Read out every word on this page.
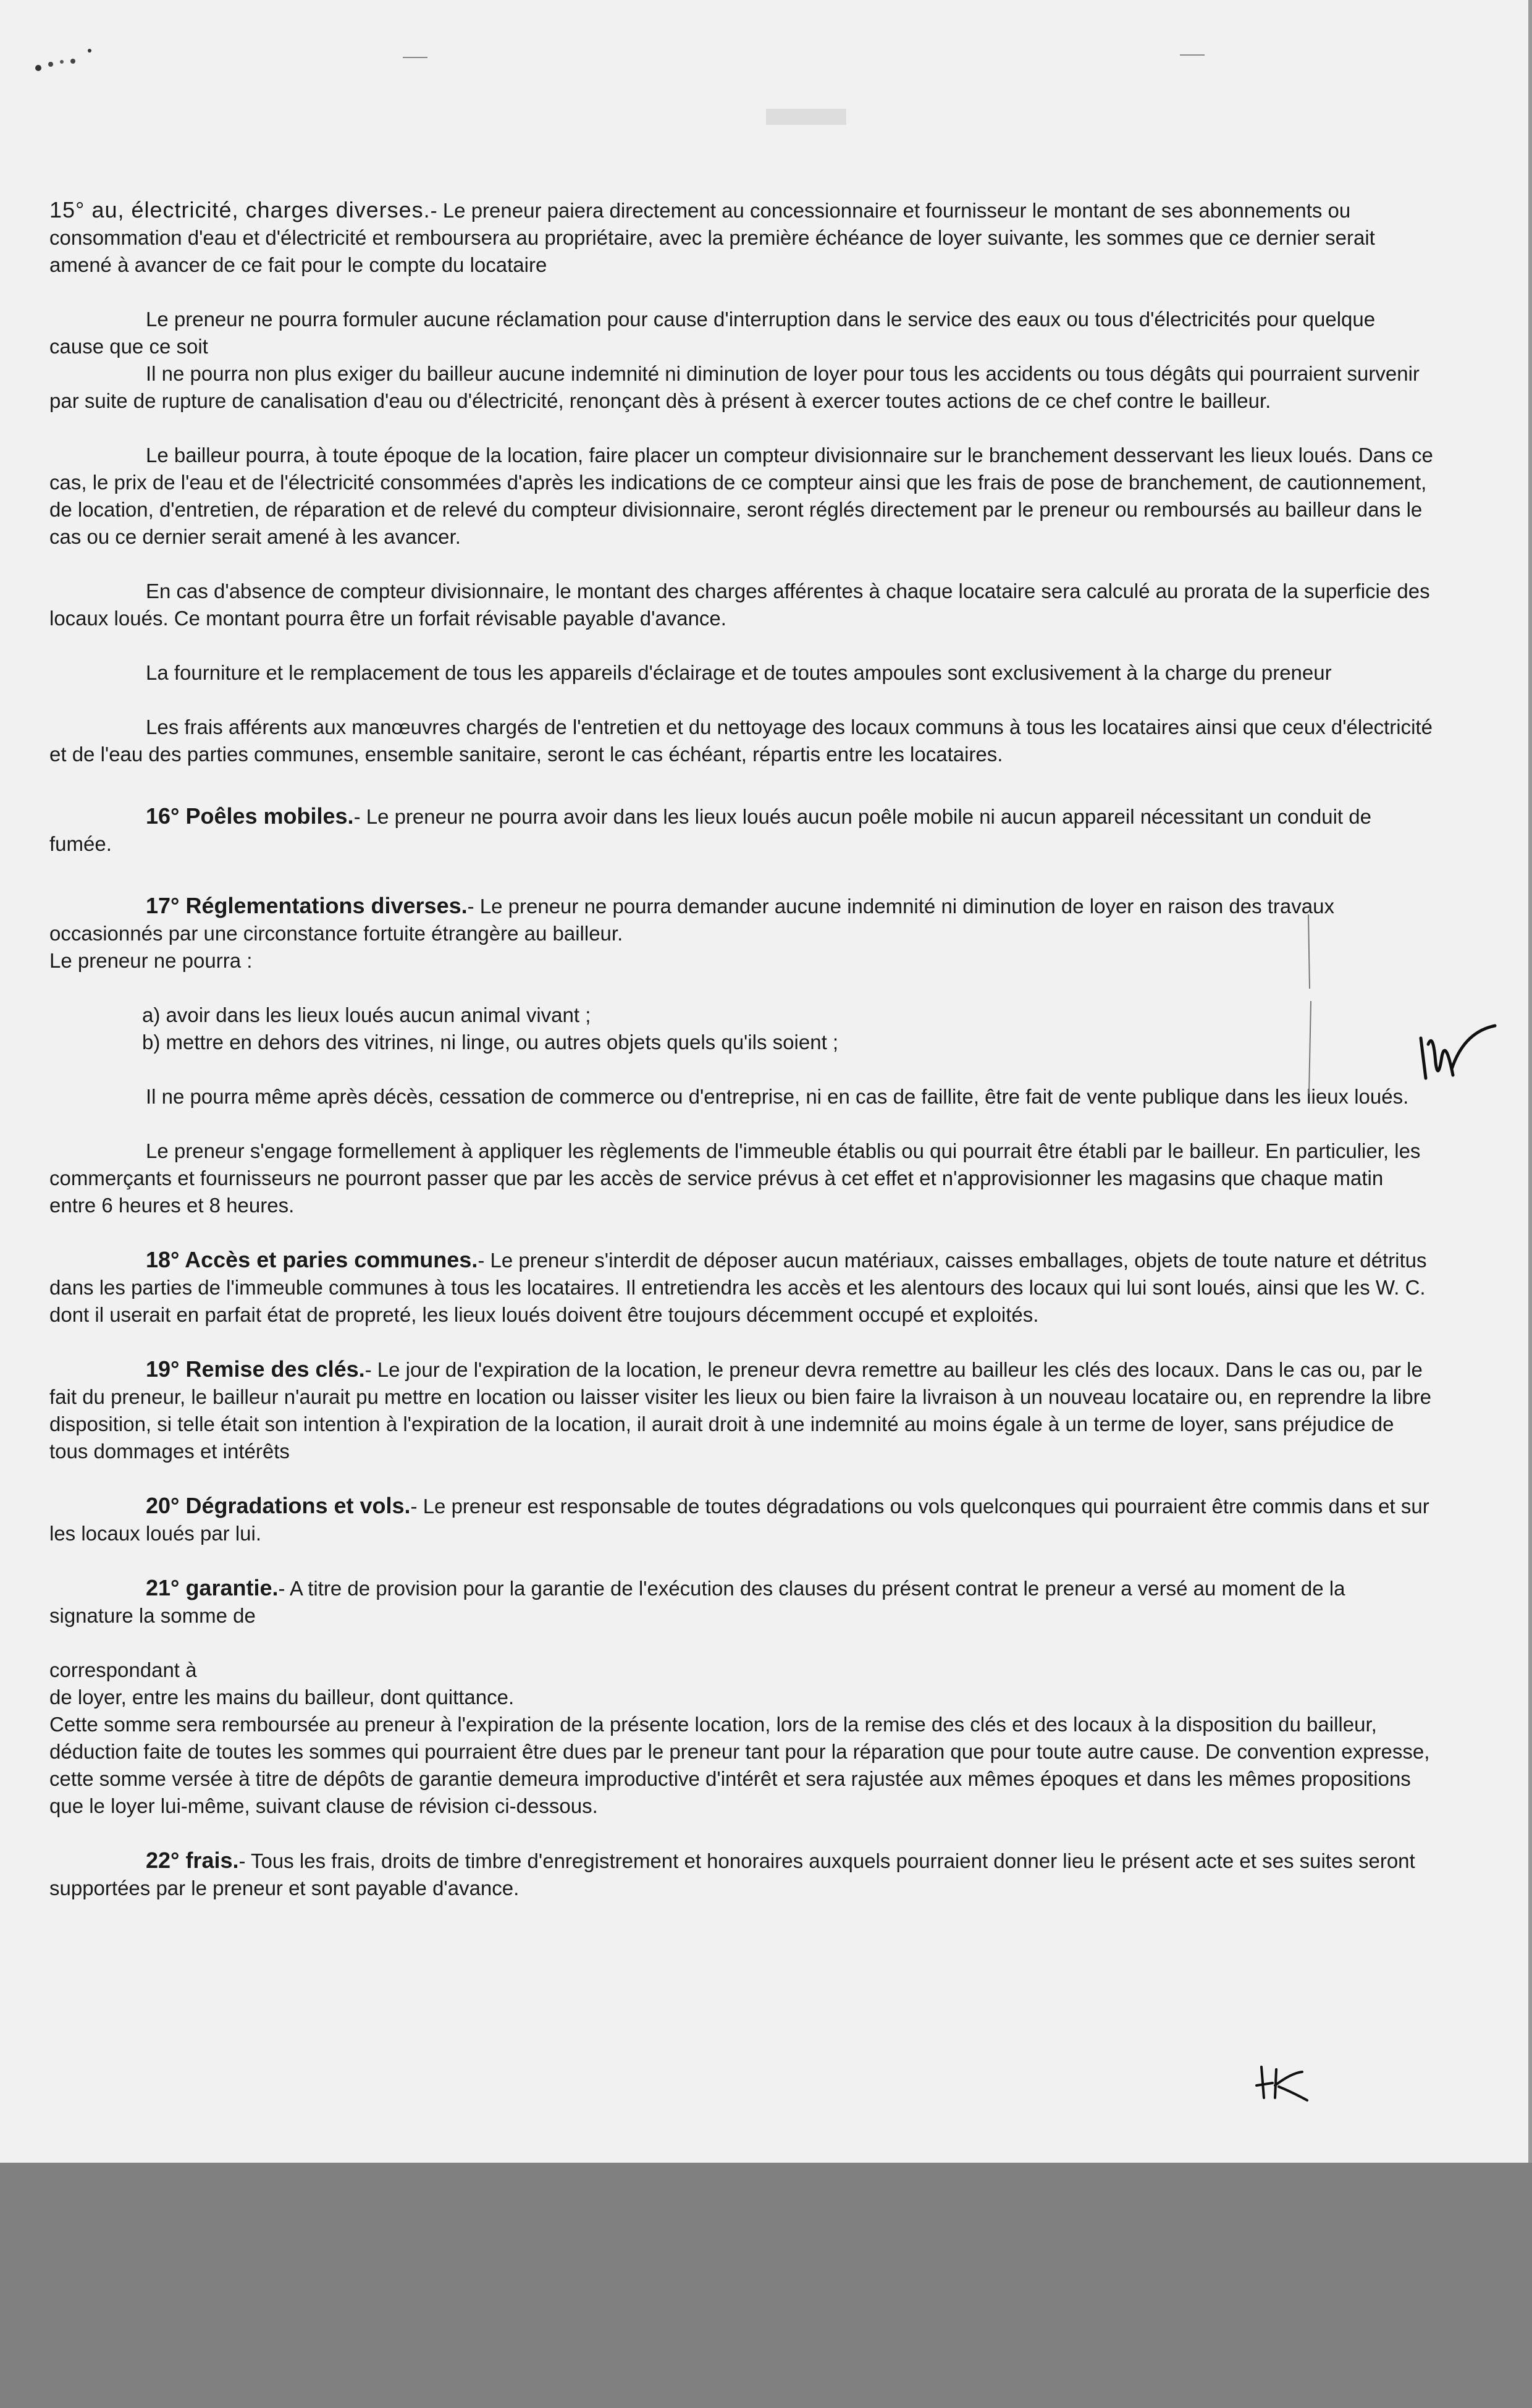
15° au, électricité, charges diverses.- Le preneur paiera directement au concessionnaire et fournisseur le montant de ses abonnements ou consommation d'eau et d'électricité et remboursera au propriétaire, avec la première échéance de loyer suivante, les sommes que ce dernier serait amené à avancer de ce fait pour le compte du locataire

Le preneur ne pourra formuler aucune réclamation pour cause d'interruption dans le service des eaux ou tous d'électricités pour quelque cause que ce soit

Il ne pourra non plus exiger du bailleur aucune indemnité ni diminution de loyer pour tous les accidents ou tous dégâts qui pourraient survenir par suite de rupture de canalisation d'eau ou d'électricité, renonçant dès à présent à exercer toutes actions de ce chef contre le bailleur.

Le bailleur pourra, à toute époque de la location, faire placer un compteur divisionnaire sur le branchement desservant les lieux loués. Dans ce cas, le prix de l'eau et de l'électricité consommées d'après les indications de ce compteur ainsi que les frais de pose de branchement, de cautionnement, de location, d'entretien, de réparation et de relevé du compteur divisionnaire, seront réglés directement par le preneur ou remboursés au bailleur dans le cas ou ce dernier serait amené à les avancer.

En cas d'absence de compteur divisionnaire, le montant des charges afférentes à chaque locataire sera calculé au prorata de la superficie des locaux loués. Ce montant pourra être un forfait révisable payable d'avance.

La fourniture et le remplacement de tous les appareils d'éclairage et de toutes ampoules sont exclusivement à la charge du preneur

Les frais afférents aux manœuvres chargés de l'entretien et du nettoyage des locaux communs à tous les locataires ainsi que ceux d'électricité et de l'eau des parties communes, ensemble sanitaire, seront le cas échéant, répartis entre les locataires.

16° Poêles mobiles.- Le preneur ne pourra avoir dans les lieux loués aucun poêle mobile ni aucun appareil nécessitant un conduit de fumée.

17° Réglementations diverses.- Le preneur ne pourra demander aucune indemnité ni diminution de loyer en raison des travaux occasionnés par une circonstance fortuite étrangère au bailleur.

Le preneur ne pourra :

a) avoir dans les lieux loués aucun animal vivant ;

b) mettre en dehors des vitrines, ni linge, ou autres objets quels qu'ils soient ;

Il ne pourra même après décès, cessation de commerce ou d'entreprise, ni en cas de faillite, être fait de vente publique dans les lieux loués.

Le preneur s'engage formellement à appliquer les règlements de l'immeuble établis ou qui pourrait être établi par le bailleur. En particulier, les commerçants et fournisseurs ne pourront passer que par les accès de service prévus à cet effet et n'approvisionner les magasins que chaque matin entre 6 heures et 8 heures.

18° Accès et paries communes.- Le preneur s'interdit de déposer aucun matériaux, caisses emballages, objets de toute nature et détritus dans les parties de l'immeuble communes à tous les locataires. Il entretiendra les accès et les alentours des locaux qui lui sont loués, ainsi que les W. C. dont il userait en parfait état de propreté, les lieux loués doivent être toujours décemment occupé et exploités.

19° Remise des clés.- Le jour de l'expiration de la location, le preneur devra remettre au bailleur les clés des locaux. Dans le cas ou, par le fait du preneur, le bailleur n'aurait pu mettre en location ou laisser visiter les lieux ou bien faire la livraison à un nouveau locataire ou, en reprendre la libre disposition, si telle était son intention à l'expiration de la location, il aurait droit à une indemnité au moins égale à un terme de loyer, sans préjudice de tous dommages et intérêts

20° Dégradations et vols.- Le preneur est responsable de toutes dégradations ou vols quelconques qui pourraient être commis dans et sur les locaux loués par lui.

21° garantie.- A titre de provision pour la garantie de l'exécution des clauses du présent contrat le preneur a versé au moment de la signature la somme de

correspondant à

de loyer, entre les mains du bailleur, dont quittance.

Cette somme sera remboursée au preneur à l'expiration de la présente location, lors de la remise des clés et des locaux à la disposition du bailleur, déduction faite de toutes les sommes qui pourraient être dues par le preneur tant pour la réparation que pour toute autre cause. De convention expresse, cette somme versée à titre de dépôts de garantie demeura improductive d'intérêt et sera rajustée aux mêmes époques et dans les mêmes propositions que le loyer lui-même, suivant clause de révision ci-dessous.

22° frais.- Tous les frais, droits de timbre d'enregistrement et honoraires auxquels pourraient donner lieu le présent acte et ses suites seront supportées par le preneur et sont payable d'avance.
